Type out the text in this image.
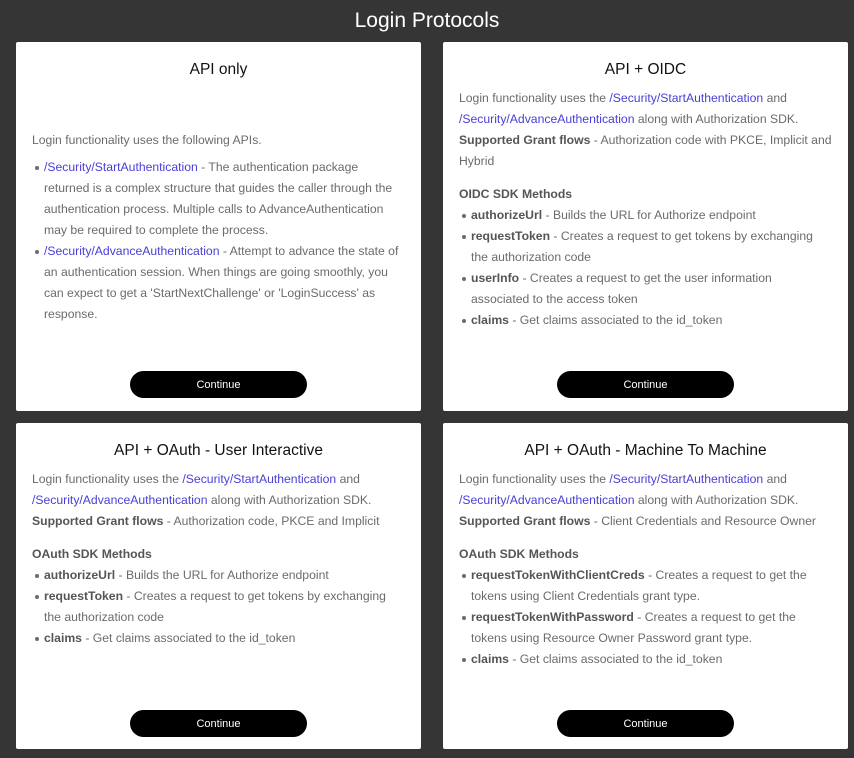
Login Protocols
API only

Login functionality uses the following APIs.

/Security/StartAuthentication - The authentication package returned is a complex structure that guides the caller through the authentication process. Multiple calls to AdvanceAuthentication may be required to complete the process.
/Security/AdvanceAuthentication - Attempt to advance the state of an authentication session. When things are going smoothly, you can expect to get a 'StartNextChallenge' or 'LoginSuccess' as response.
Continue
API + OIDC

Login functionality uses the /Security/StartAuthentication and /Security/AdvanceAuthentication along with Authorization SDK.

Supported Grant flows - Authorization code with PKCE, Implicit and Hybrid

OIDC SDK Methods
authorizeUrl - Builds the URL for Authorize endpoint
requestToken - Creates a request to get tokens by exchanging the authorization code
userInfo - Creates a request to get the user information associated to the access token
claims - Get claims associated to the id_token
Continue
API + OAuth - User Interactive

Login functionality uses the /Security/StartAuthentication and /Security/AdvanceAuthentication along with Authorization SDK.

Supported Grant flows - Authorization code, PKCE and Implicit

OAuth SDK Methods
authorizeUrl - Builds the URL for Authorize endpoint
requestToken - Creates a request to get tokens by exchanging the authorization code
claims - Get claims associated to the id_token
Continue
API + OAuth - Machine To Machine

Login functionality uses the /Security/StartAuthentication and /Security/AdvanceAuthentication along with Authorization SDK.

Supported Grant flows - Client Credentials and Resource Owner

OAuth SDK Methods
requestTokenWithClientCreds - Creates a request to get the tokens using Client Credentials grant type.
requestTokenWithPassword - Creates a request to get the tokens using Resource Owner Password grant type.
claims - Get claims associated to the id_token
Continue
